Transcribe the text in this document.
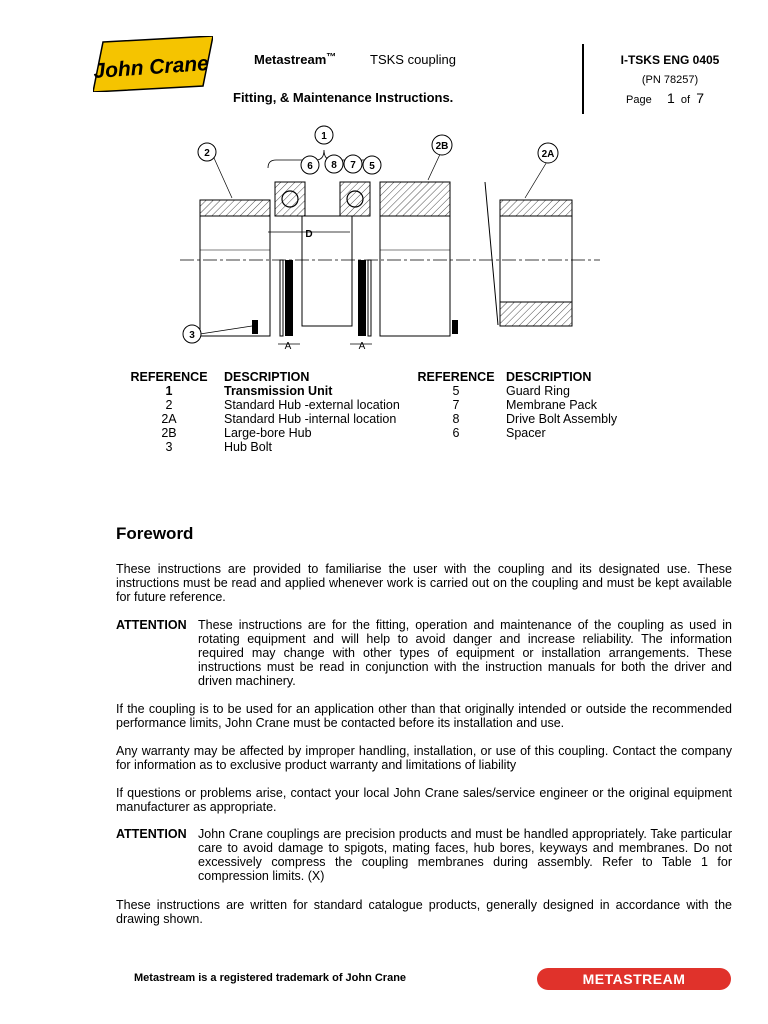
John Crane	Metastream™	TSKS coupling
Fitting, & Maintenance Instructions.
I-TSKS ENG 0405
(PN 78257)
Page 1 of 7
D
A	A
1
2
2B
2A
6 8 7 5
3
REFERENCE	DESCRIPTION	REFERENCE	DESCRIPTION
1	Transmission Unit	5	Guard Ring
2	Standard Hub -external location	7	Membrane Pack
2A	Standard Hub -internal location	8	Drive Bolt Assembly
2B	Large-bore Hub	6	Spacer
3	Hub Bolt		
Foreword
These instructions are provided to familiarise the user with the coupling and its designated use. These instructions must be read and applied whenever work is carried out on the coupling and must be kept available for future reference.
ATTENTION These instructions are for the fitting, operation and maintenance of the coupling as used in rotating equipment and will help to avoid danger and increase reliability. The information required may change with other types of equipment or installation arrangements. These instructions must be read in conjunction with the instruction manuals for both the driver and driven machinery.
If the coupling is to be used for an application other than that originally intended or outside the recommended performance limits, John Crane must be contacted before its installation and use.
Any warranty may be affected by improper handling, installation, or use of this coupling. Contact the company for information as to exclusive product warranty and limitations of liability
If questions or problems arise, contact your local John Crane sales/service engineer or the original equipment manufacturer as appropriate.
ATTENTION John Crane couplings are precision products and must be handled appropriately. Take particular care to avoid damage to spigots, mating faces, hub bores, keyways and membranes. Do not excessively compress the coupling membranes during assembly. Refer to Table 1 for compression limits. (X)
These instructions are written for standard catalogue products, generally designed in accordance with the drawing shown.
Metastream is a registered trademark of John Crane	METASTREAM
